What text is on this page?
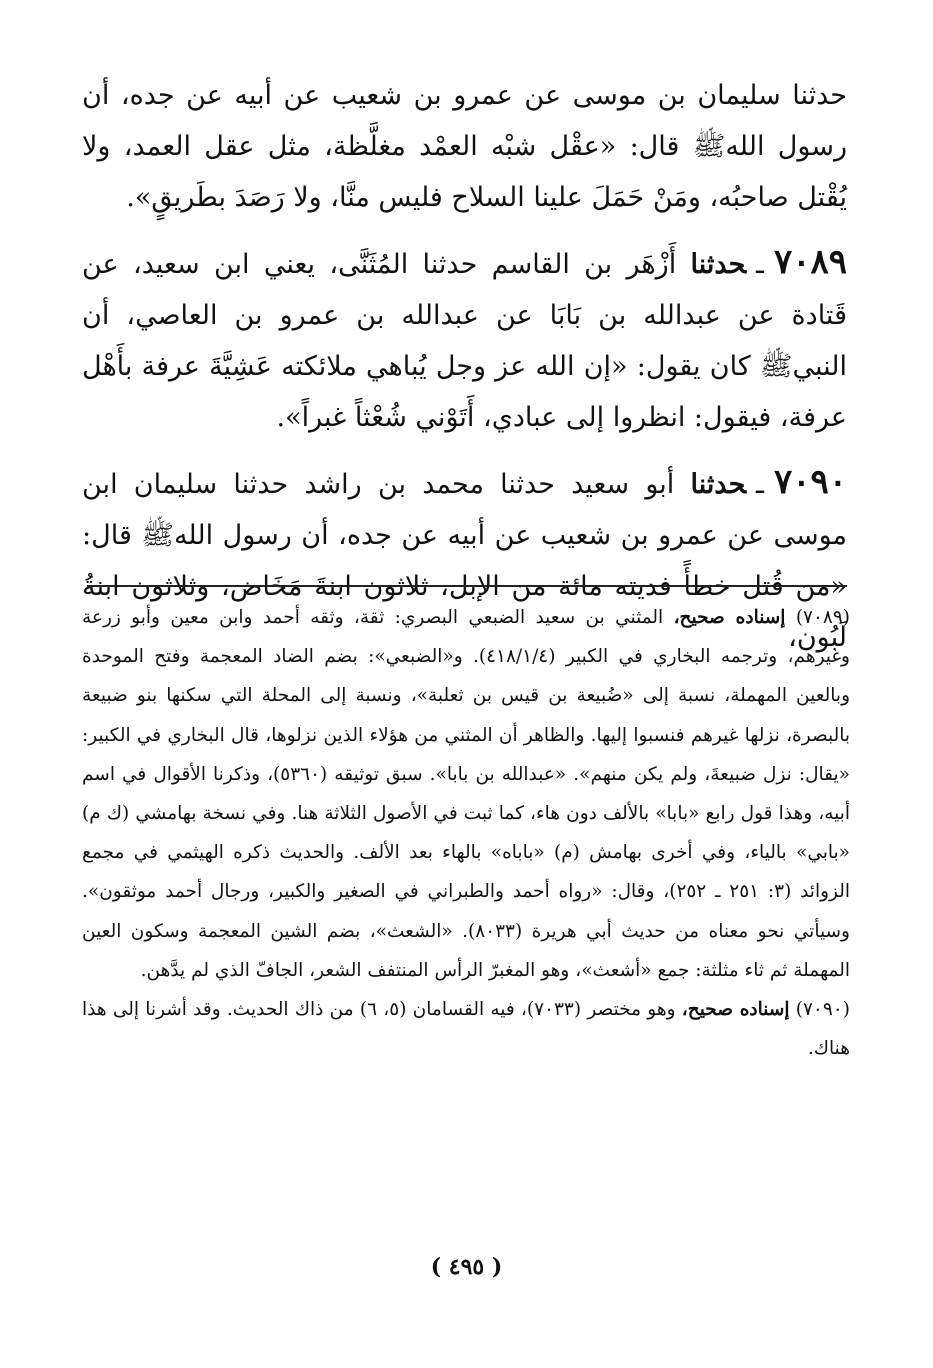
حدثنا سليمان بن موسى عن عمرو بن شعيب عن أبيه عن جده، أن رسول اللهﷺ قال: «عقْل شبْه العمْد مغلَّظة، مثل عقل العمد، ولا يُقْتل صاحبُه، ومَنْ حَمَلَ علينا السلاح فليس منَّا، ولا رَصَدَ بطَريقٍ».

٧٠٨٩ـحدثنا أَزْهَر بن القاسم حدثنا المُثَنَّى، يعني ابن سعيد، عن قَتادة عن عبدالله بن بَابَا عن عبدالله بن عمرو بن العاصي، أن النبيﷺ كان يقول: «إن الله عز وجل يُباهي ملائكته عَشِيَّةَ عرفة بأَهْل عرفة، فيقول: انظروا إلى عبادي، أَتَوْني شُعْثاً غبراً».

٧٠٩٠ـحدثنا أبو سعيد حدثنا محمد بن راشد حدثنا سليمان ابن موسى عن عمرو بن شعيب عن أبيه عن جده، أن رسول اللهﷺ قال: «من قُتل خطأً فديته مائة من الإبل، ثلاثون ابنةَ مَخَاض، وثلاثون ابنةُ لَبُون،

(٧٠٨٩) إسناده صحيح، المثني بن سعيد الضبعي البصري: ثقة، وثقه أحمد وابن معين وأبو زرعة وغيرهم، وترجمه البخاري في الكبير (٤١٨/١/٤). و«الضبعي»: بضم الضاد المعجمة وفتح الموحدة وبالعين المهملة، نسبة إلى «ضُبيعة بن قيس بن ثعلبة»، ونسبة إلى المحلة التي سكنها بنو ضبيعة بالبصرة، نزلها غيرهم فنسبوا إليها. والظاهر أن المثني من هؤلاء الذين نزلوها، قال البخاري في الكبير: «يقال: نزل ضبيعةَ، ولم يكن منهم». «عبدالله بن بابا». سبق توثيقه (٥٣٦٠)، وذكرنا الأقوال في اسم أبيه، وهذا قول رابع «بابا» بالألف دون هاء، كما ثبت في الأصول الثلاثة هنا. وفي نسخة بهامشي (ك م) «بابي» بالياء، وفي أخرى بهامش (م) «باباه» بالهاء بعد الألف. والحديث ذكره الهيثمي في مجمع الزوائد (٣: ٢٥١ ـ ٢٥٢)، وقال: «رواه أحمد والطبراني في الصغير والكبير، ورجال أحمد موثقون». وسيأتي نحو معناه من حديث أبي هريرة (٨٠٣٣). «الشعث»، بضم الشين المعجمة وسكون العين المهملة ثم ثاء مثلثة: جمع «أشعث»، وهو المغبرّ الرأس المنتفف الشعر، الجافّ الذي لم يدَّهن.

(٧٠٩٠) إسناده صحيح، وهو مختصر (٧٠٣٣)، فيه القسامان (٥، ٦) من ذاك الحديث. وقد أشرنا إلى هذا هناك.

( ٤٩٥ )
